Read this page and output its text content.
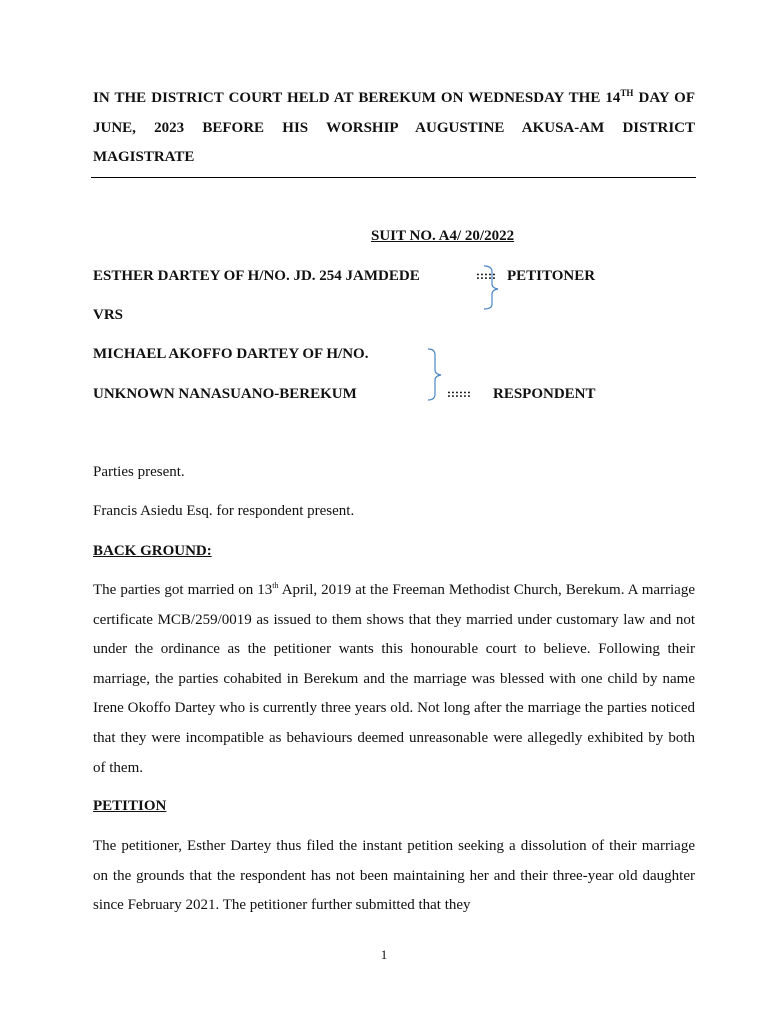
IN THE DISTRICT COURT HELD AT BEREKUM ON WEDNESDAY THE 14TH DAY OF JUNE, 2023 BEFORE HIS WORSHIP AUGUSTINE AKUSA-AM DISTRICT MAGISTRATE
SUIT NO. A4/ 20/2022
ESTHER DARTEY OF H/NO. JD. 254 JAMDEDE	::::: PETITONER
VRS
MICHAEL AKOFFO DARTEY OF H/NO.
UNKNOWN NANASUANO-BEREKUM	:::::: RESPONDENT
Parties present.
Francis Asiedu Esq. for respondent present.
BACK GROUND:
The parties got married on 13th April, 2019 at the Freeman Methodist Church, Berekum. A marriage certificate MCB/259/0019 as issued to them shows that they married under customary law and not under the ordinance as the petitioner wants this honourable court to believe. Following their marriage, the parties cohabited in Berekum and the marriage was blessed with one child by name Irene Okoffo Dartey who is currently three years old. Not long after the marriage the parties noticed that they were incompatible as behaviours deemed unreasonable were allegedly exhibited by both of them.
PETITION
The petitioner, Esther Dartey thus filed the instant petition seeking a dissolution of their marriage on the grounds that the respondent has not been maintaining her and their three-year old daughter since February 2021. The petitioner further submitted that they
1
